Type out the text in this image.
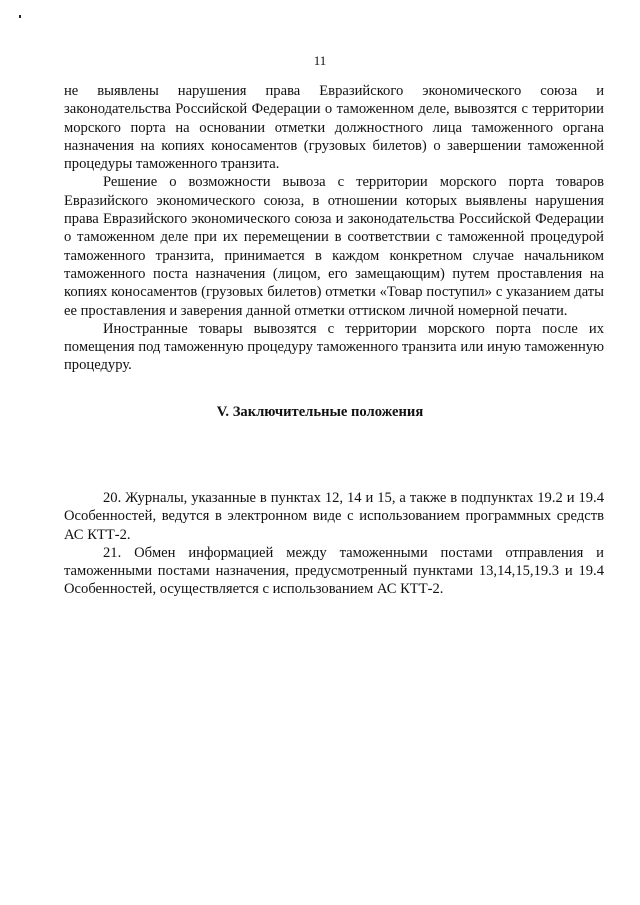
11

не выявлены нарушения права Евразийского экономического союза и законодательства Российской Федерации о таможенном деле, вывозятся с территории морского порта на основании отметки должностного лица таможенного органа назначения на копиях коносаментов (грузовых билетов) о завершении таможенной процедуры таможенного транзита.

Решение о возможности вывоза с территории морского порта товаров Евразийского экономического союза, в отношении которых выявлены нарушения права Евразийского экономического союза и законодательства Российской Федерации о таможенном деле при их перемещении в соответствии с таможенной процедурой таможенного транзита, принимается в каждом конкретном случае начальником таможенного поста назначения (лицом, его замещающим) путем проставления на копиях коносаментов (грузовых билетов) отметки «Товар поступил» с указанием даты ее проставления и заверения данной отметки оттиском личной номерной печати.

Иностранные товары вывозятся с территории морского порта после их помещения под таможенную процедуру таможенного транзита или иную таможенную процедуру.

V. Заключительные положения

20. Журналы, указанные в пунктах 12, 14 и 15, а также в подпунктах 19.2 и 19.4 Особенностей, ведутся в электронном виде с использованием программных средств АС КТТ-2.

21. Обмен информацией между таможенными постами отправления и таможенными постами назначения, предусмотренный пунктами 13,14,15,19.3 и 19.4 Особенностей, осуществляется с использованием АС КТТ-2.
